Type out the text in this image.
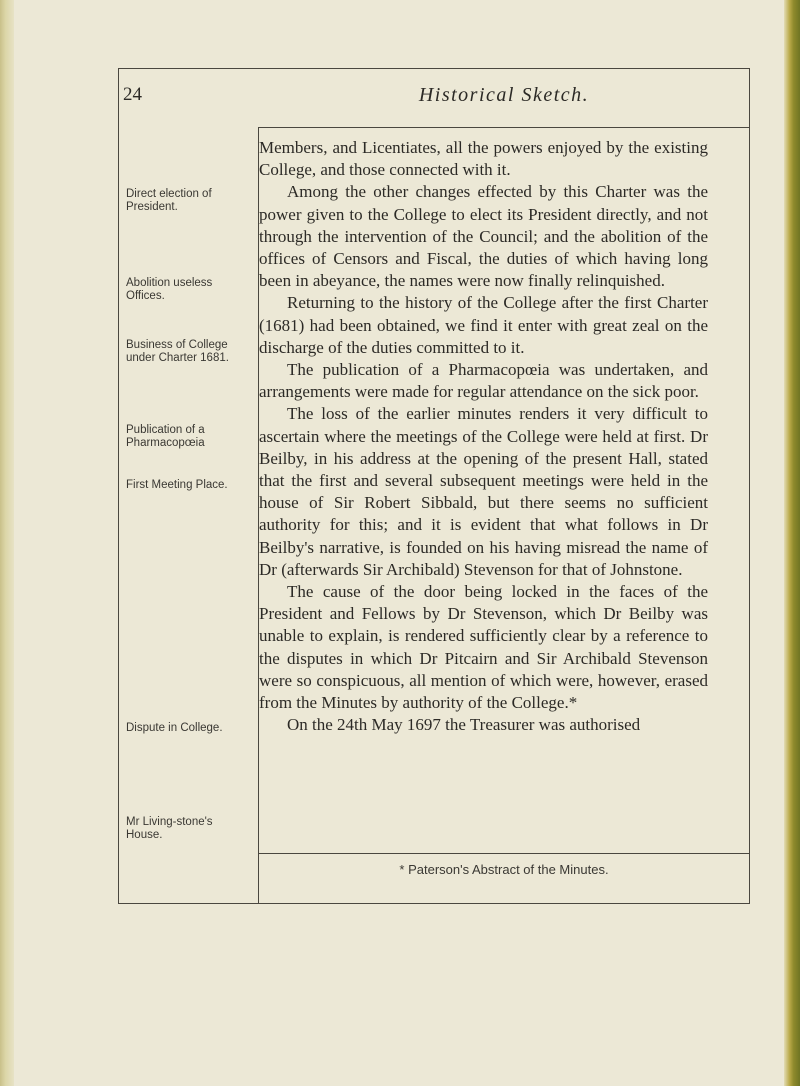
24	Historical Sketch.
Direct election of President.
Abolition useless Offices.
Business of College under Charter 1681.
Publication of a Pharmacopœia
First Meeting Place.
Dispute in College.
Mr Living-stone's House.

Members, and Licentiates, all the powers enjoyed by the existing College, and those connected with it.

Among the other changes effected by this Charter was the power given to the College to elect its President directly, and not through the intervention of the Council; and the abolition of the offices of Censors and Fiscal, the duties of which having long been in abeyance, the names were now finally relinquished.

Returning to the history of the College after the first Charter (1681) had been obtained, we find it enter with great zeal on the discharge of the duties committed to it.

The publication of a Pharmacopœia was undertaken, and arrangements were made for regular attendance on the sick poor.

The loss of the earlier minutes renders it very difficult to ascertain where the meetings of the College were held at first. Dr Beilby, in his address at the opening of the present Hall, stated that the first and several subsequent meetings were held in the house of Sir Robert Sibbald, but there seems no sufficient authority for this; and it is evident that what follows in Dr Beilby's narrative, is founded on his having misread the name of Dr (afterwards Sir Archibald) Stevenson for that of Johnstone.

The cause of the door being locked in the faces of the President and Fellows by Dr Stevenson, which Dr Beilby was unable to explain, is rendered sufficiently clear by a reference to the disputes in which Dr Pitcairn and Sir Archibald Stevenson were so conspicuous, all mention of which were, however, erased from the Minutes by authority of the College.*

On the 24th May 1697 the Treasurer was authorised

* Paterson's Abstract of the Minutes.
